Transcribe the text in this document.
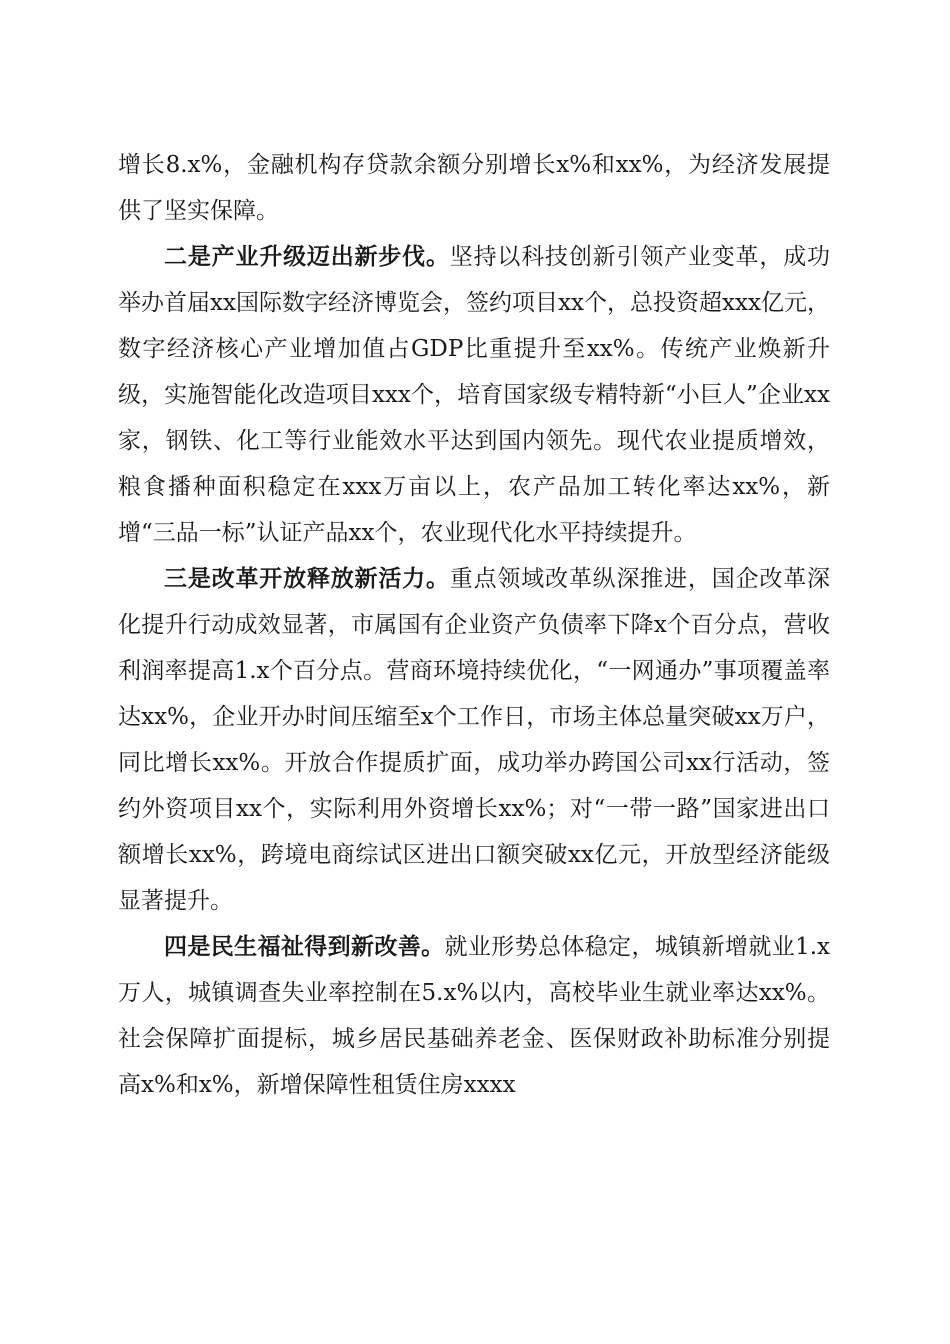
增长8.x%，金融机构存贷款余额分别增长x%和xx%，为经济发展提供了坚实保障。

二是产业升级迈出新步伐。坚持以科技创新引领产业变革，成功举办首届xx国际数字经济博览会，签约项目xx个，总投资超xxx亿元，数字经济核心产业增加值占GDP比重提升至xx%。传统产业焕新升级，实施智能化改造项目xxx个，培育国家级专精特新“小巨人”企业xx家，钢铁、化工等行业能效水平达到国内领先。现代农业提质增效，粮食播种面积稳定在xxx万亩以上，农产品加工转化率达xx%，新增“三品一标”认证产品xx个，农业现代化水平持续提升。

三是改革开放释放新活力。重点领域改革纵深推进，国企改革深化提升行动成效显著，市属国有企业资产负债率下降x个百分点，营收利润率提高1.x个百分点。营商环境持续优化，“一网通办”事项覆盖率达xx%，企业开办时间压缩至x个工作日，市场主体总量突破xx万户，同比增长xx%。开放合作提质扩面，成功举办跨国公司xx行活动，签约外资项目xx个，实际利用外资增长xx%；对“一带一路”国家进出口额增长xx%，跨境电商综试区进出口额突破xx亿元，开放型经济能级显著提升。

四是民生福祉得到新改善。就业形势总体稳定，城镇新增就业1.x万人，城镇调查失业率控制在5.x%以内，高校毕业生就业率达xx%。社会保障扩面提标，城乡居民基础养老金、医保财政补助标准分别提高x%和x%，新增保障性租赁住房xxxx
